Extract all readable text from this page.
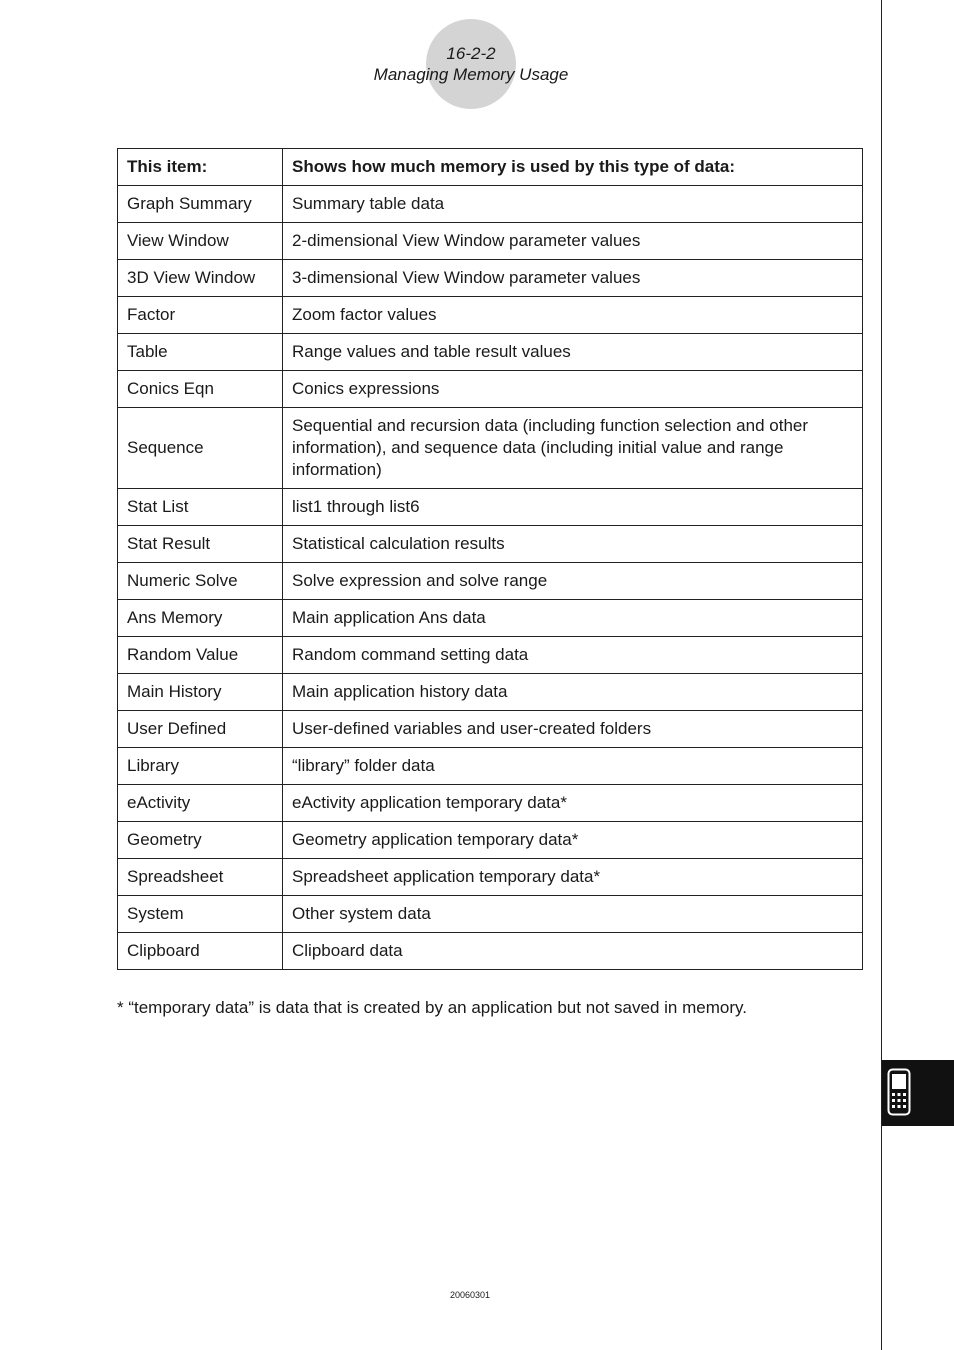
16-2-2
Managing Memory Usage
This item:	Shows how much memory is used by this type of data:
Graph Summary	Summary table data
View Window	2-dimensional View Window parameter values
3D View Window	3-dimensional View Window parameter values
Factor	Zoom factor values
Table	Range values and table result values
Conics Eqn	Conics expressions
Sequence	Sequential and recursion data (including function selection and other information), and sequence data (including initial value and range information)
Stat List	list1 through list6
Stat Result	Statistical calculation results
Numeric Solve	Solve expression and solve range
Ans Memory	Main application Ans data
Random Value	Random command setting data
Main History	Main application history data
User Defined	User-defined variables and user-created folders
Library	“library” folder data
eActivity	eActivity application temporary data*
Geometry	Geometry application temporary data*
Spreadsheet	Spreadsheet application temporary data*
System	Other system data
Clipboard	Clipboard data
* “temporary data” is data that is created by an application but not saved in memory.
20060301
